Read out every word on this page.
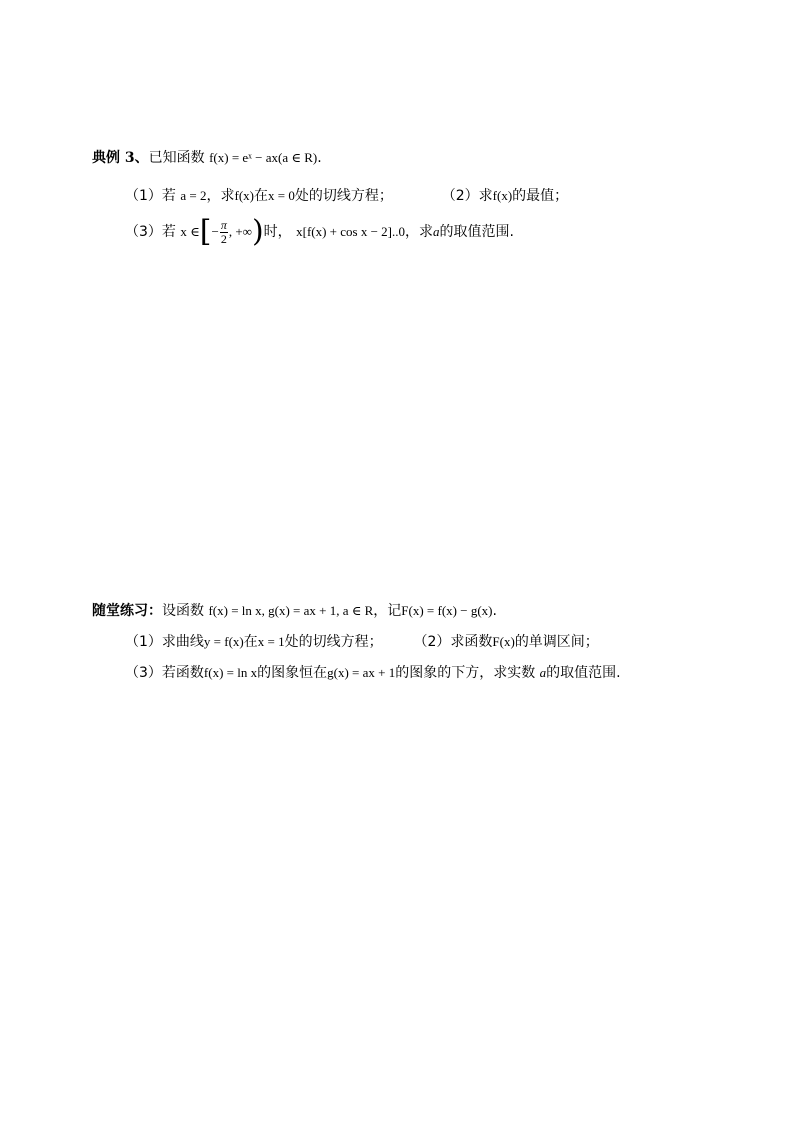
典例 3、已知函数 f(x) = eˣ − ax(a ∈ R).
（1）若 a = 2，求f(x)在x = 0处的切线方程；	（2）求f(x)的最值；
（3）若 x ∈[− $\frac{\pi}{2}$ , +∞)时， x[f(x) + cos x − 2]..0，求a的取值范围.
随堂练习：设函数 f(x) = ln x, g(x) = ax + 1, a ∈ R，记F(x) = f(x) − g(x).
（1）求曲线y = f(x)在x = 1处的切线方程； （2）求函数F(x)的单调区间；
（3）若函数f(x) = ln x的图象恒在g(x) = ax + 1的图象的下方，求实数 a的取值范围.
